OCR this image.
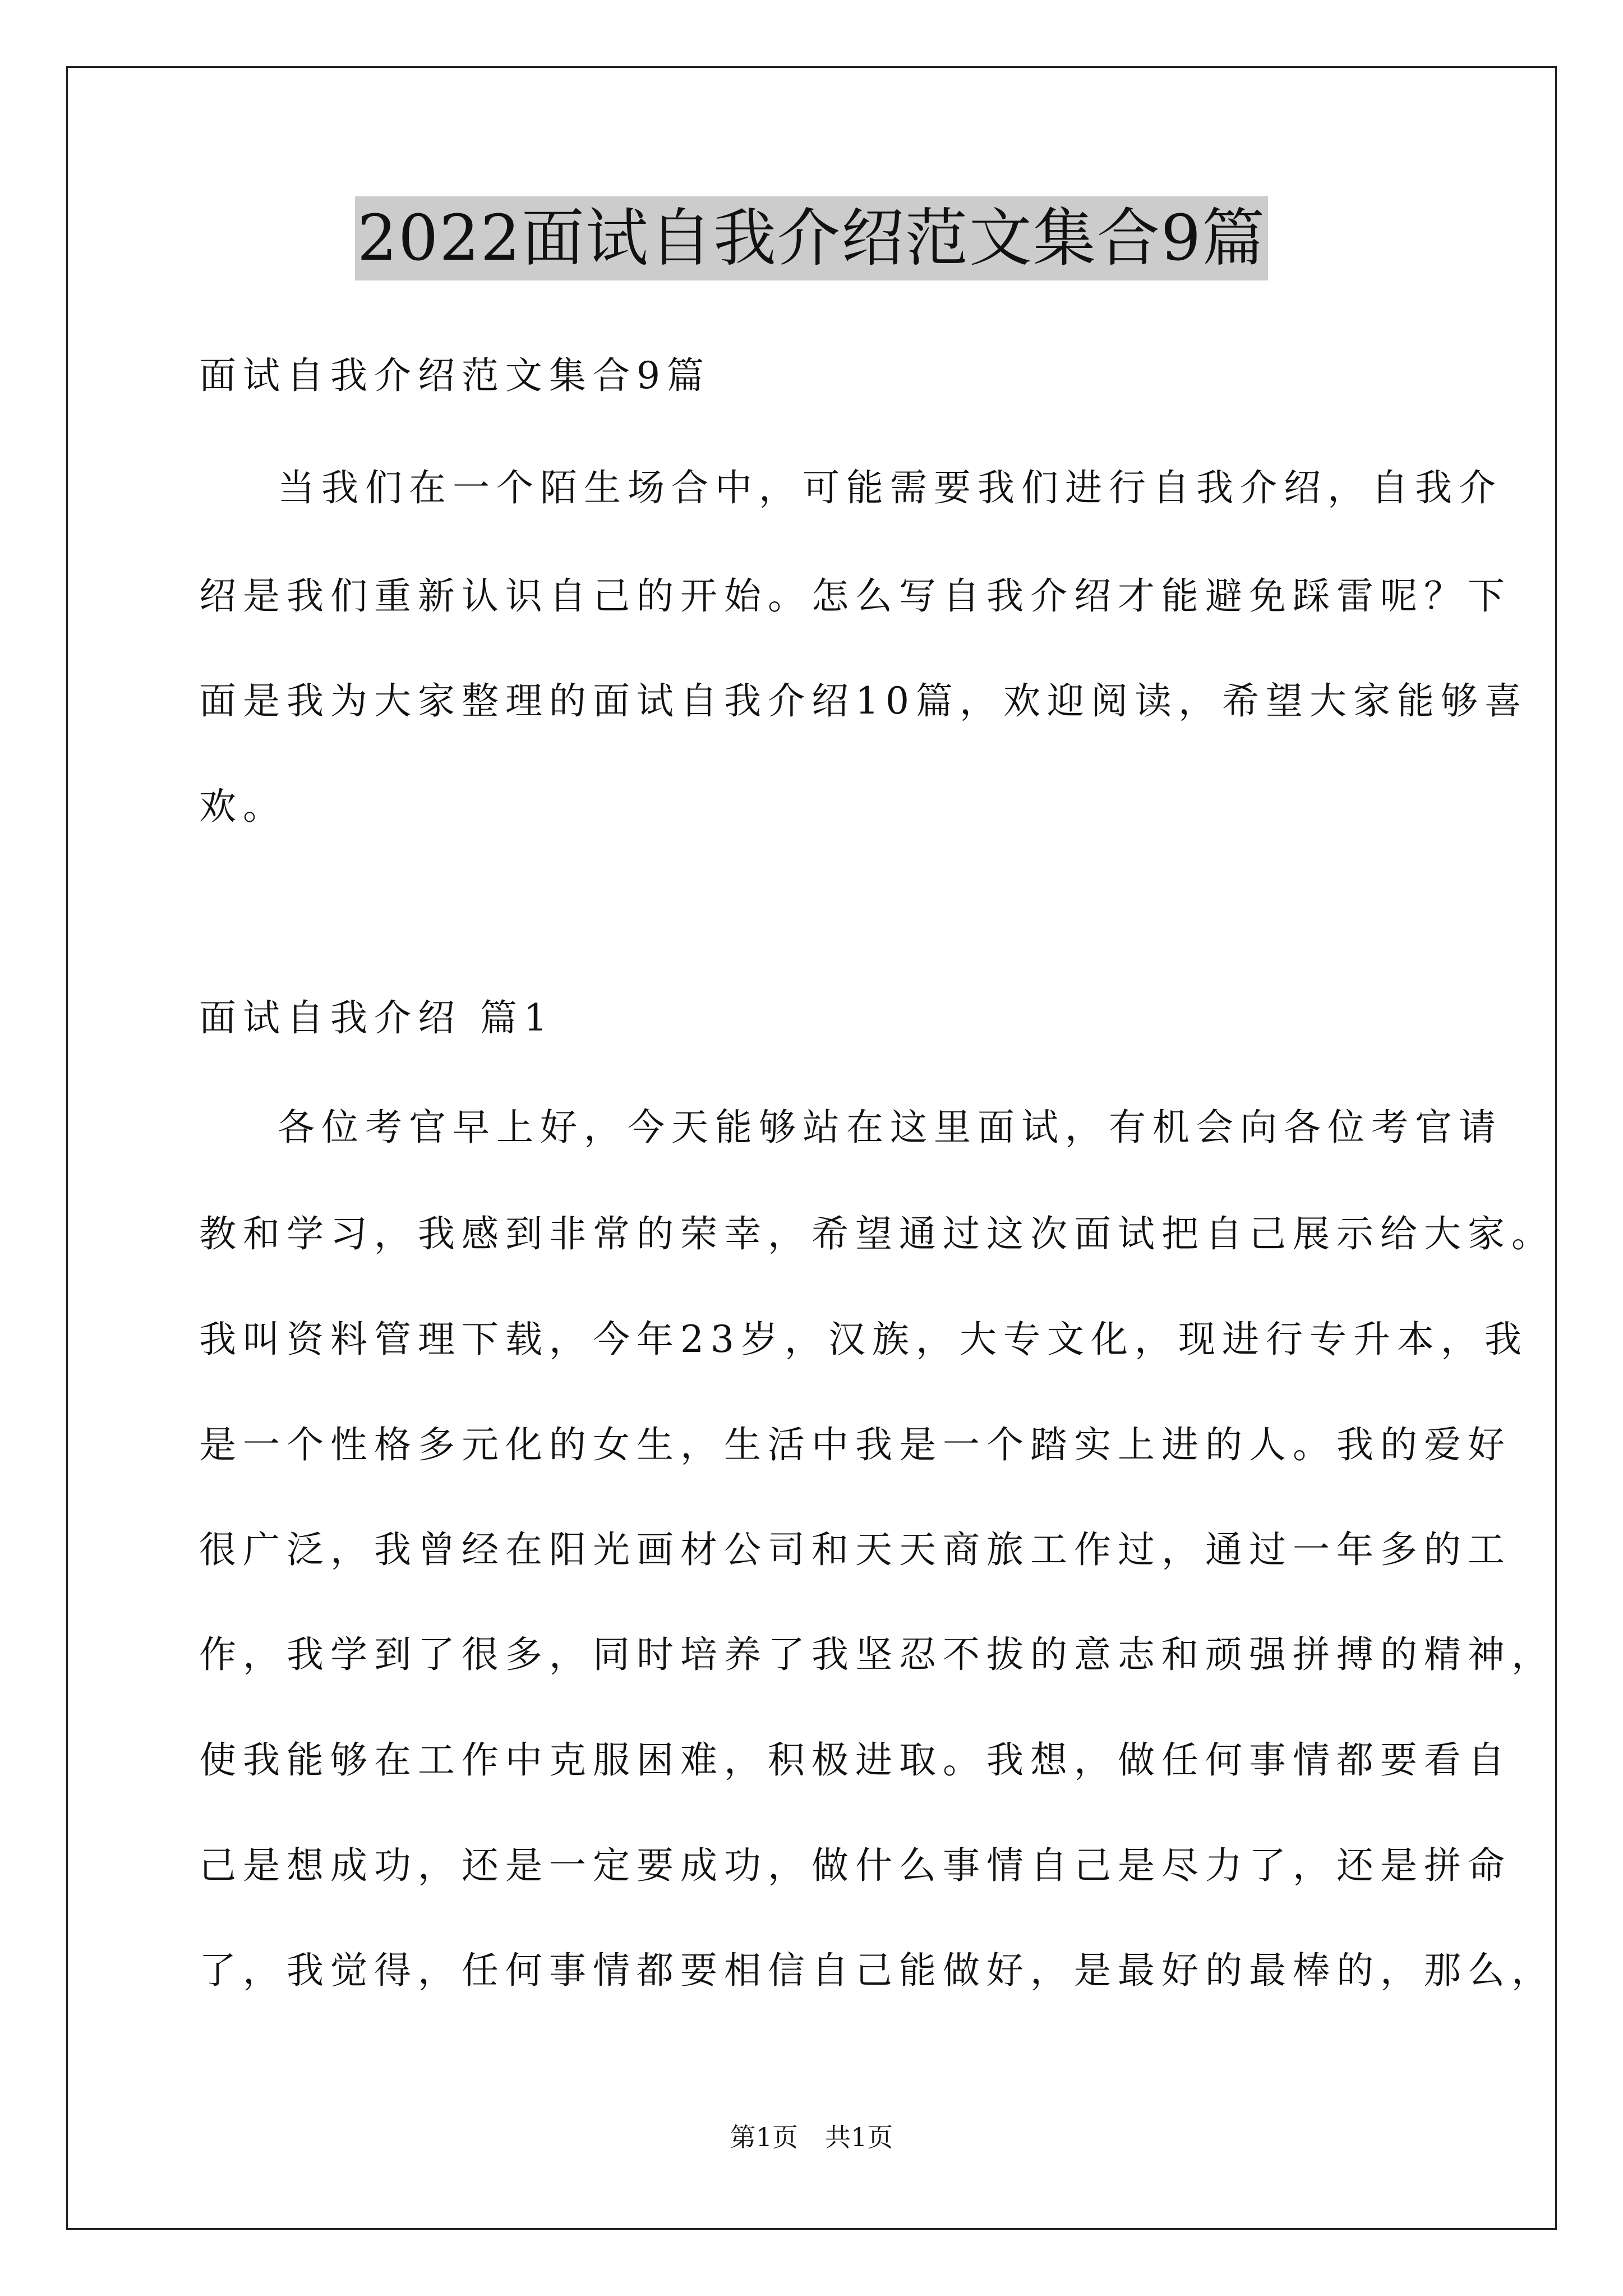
2022面试自我介绍范文集合9篇
面试自我介绍范文集合9篇
当我们在一个陌生场合中，可能需要我们进行自我介绍，自我介
绍是我们重新认识自己的开始。怎么写自我介绍才能避免踩雷呢？下
面是我为大家整理的面试自我介绍10篇，欢迎阅读，希望大家能够喜
欢。
面试自我介绍 篇1
各位考官早上好，今天能够站在这里面试，有机会向各位考官请
教和学习，我感到非常的荣幸，希望通过这次面试把自己展示给大家。
我叫资料管理下载，今年23岁，汉族，大专文化，现进行专升本，我
是一个性格多元化的女生，生活中我是一个踏实上进的人。我的爱好
很广泛，我曾经在阳光画材公司和天天商旅工作过，通过一年多的工
作，我学到了很多，同时培养了我坚忍不拔的意志和顽强拼搏的精神，
使我能够在工作中克服困难，积极进取。我想，做任何事情都要看自
己是想成功，还是一定要成功，做什么事情自己是尽力了，还是拼命
了，我觉得，任何事情都要相信自己能做好，是最好的最棒的，那么，
第1页 共1页
